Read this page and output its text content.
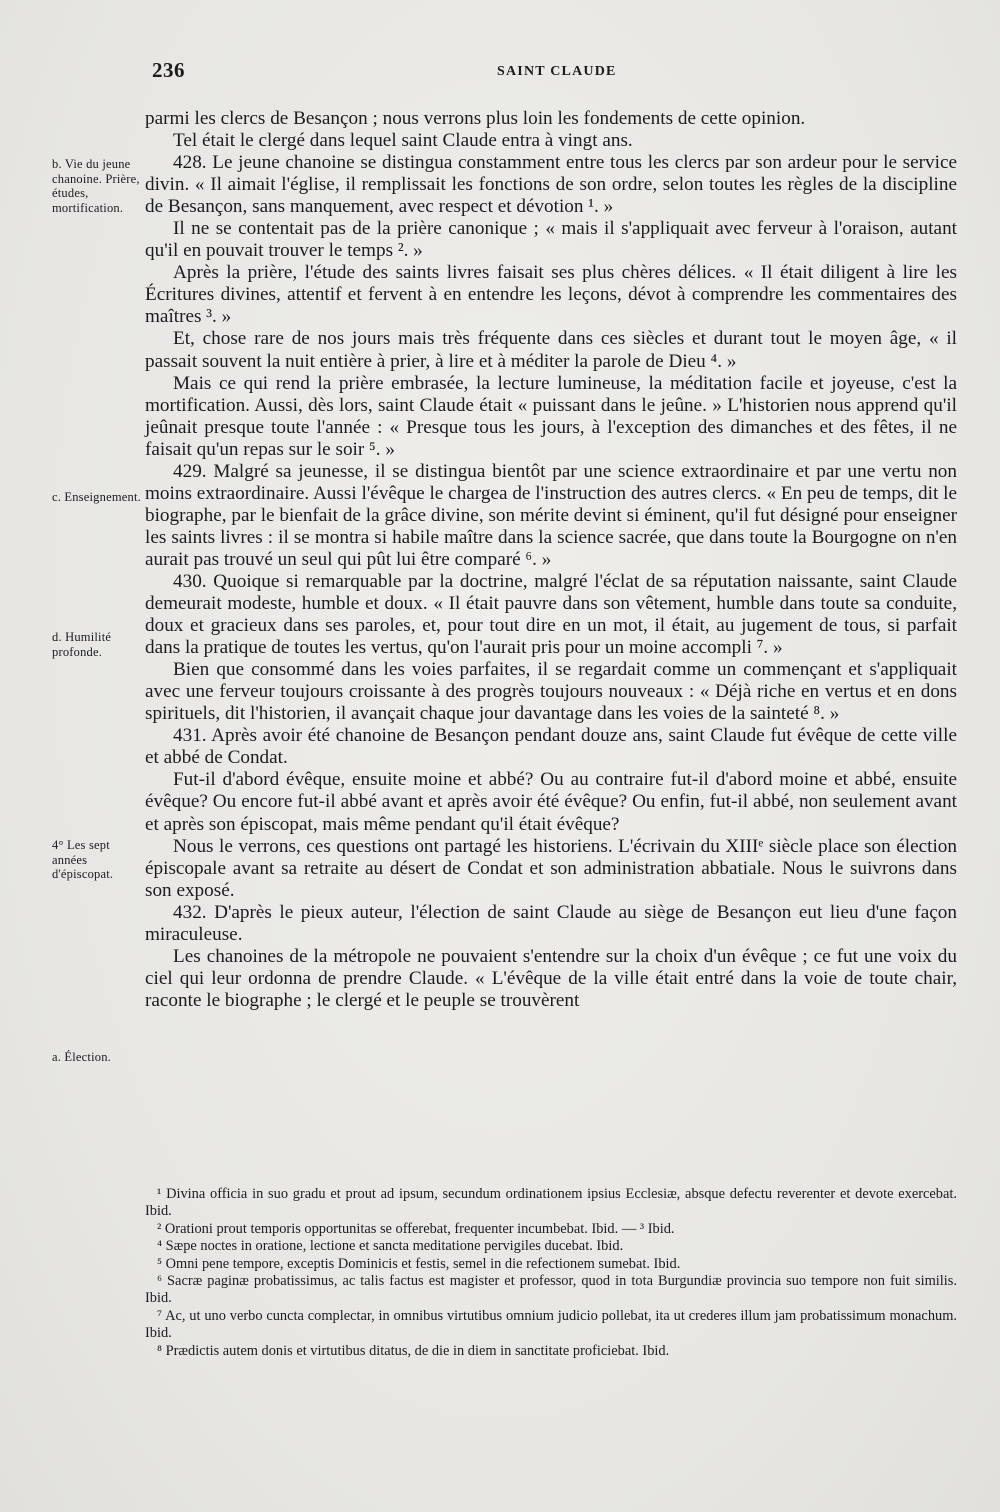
236	SAINT CLAUDE
b. Vie du jeune chanoine. Prière, études, mortification.
c. Enseignement.
d. Humilité profonde.
4° Les sept années d'épiscopat.
a. Élection.

parmi les clercs de Besançon ; nous verrons plus loin les fondements de cette opinion.

Tel était le clergé dans lequel saint Claude entra à vingt ans.

428. Le jeune chanoine se distingua constamment entre tous les clercs par son ardeur pour le service divin. « Il aimait l'église, il remplissait les fonctions de son ordre, selon toutes les règles de la discipline de Besançon, sans manquement, avec respect et dévotion ¹. »

Il ne se contentait pas de la prière canonique ; « mais il s'appliquait avec ferveur à l'oraison, autant qu'il en pouvait trouver le temps ². »

Après la prière, l'étude des saints livres faisait ses plus chères délices. « Il était diligent à lire les Écritures divines, attentif et fervent à en entendre les leçons, dévot à comprendre les commentaires des maîtres ³. »

Et, chose rare de nos jours mais très fréquente dans ces siècles et durant tout le moyen âge, « il passait souvent la nuit entière à prier, à lire et à méditer la parole de Dieu ⁴. »

Mais ce qui rend la prière embrasée, la lecture lumineuse, la méditation facile et joyeuse, c'est la mortification. Aussi, dès lors, saint Claude était « puissant dans le jeûne. » L'historien nous apprend qu'il jeûnait presque toute l'année : « Presque tous les jours, à l'exception des dimanches et des fêtes, il ne faisait qu'un repas sur le soir ⁵. »

429. Malgré sa jeunesse, il se distingua bientôt par une science extraordinaire et par une vertu non moins extraordinaire. Aussi l'évêque le chargea de l'instruction des autres clercs. « En peu de temps, dit le biographe, par le bienfait de la grâce divine, son mérite devint si éminent, qu'il fut désigné pour enseigner les saints livres : il se montra si habile maître dans la science sacrée, que dans toute la Bourgogne on n'en aurait pas trouvé un seul qui pût lui être comparé ⁶. »

430. Quoique si remarquable par la doctrine, malgré l'éclat de sa réputation naissante, saint Claude demeurait modeste, humble et doux. « Il était pauvre dans son vêtement, humble dans toute sa conduite, doux et gracieux dans ses paroles, et, pour tout dire en un mot, il était, au jugement de tous, si parfait dans la pratique de toutes les vertus, qu'on l'aurait pris pour un moine accompli ⁷. »

Bien que consommé dans les voies parfaites, il se regardait comme un commençant et s'appliquait avec une ferveur toujours croissante à des progrès toujours nouveaux : « Déjà riche en vertus et en dons spirituels, dit l'historien, il avançait chaque jour davantage dans les voies de la sainteté ⁸. »

431. Après avoir été chanoine de Besançon pendant douze ans, saint Claude fut évêque de cette ville et abbé de Condat.

Fut-il d'abord évêque, ensuite moine et abbé? Ou au contraire fut-il d'abord moine et abbé, ensuite évêque? Ou encore fut-il abbé avant et après avoir été évêque? Ou enfin, fut-il abbé, non seulement avant et après son épiscopat, mais même pendant qu'il était évêque?

Nous le verrons, ces questions ont partagé les historiens. L'écrivain du XIIIᵉ siècle place son élection épiscopale avant sa retraite au désert de Condat et son administration abbatiale. Nous le suivrons dans son exposé.

432. D'après le pieux auteur, l'élection de saint Claude au siège de Besançon eut lieu d'une façon miraculeuse.

Les chanoines de la métropole ne pouvaient s'entendre sur la choix d'un évêque ; ce fut une voix du ciel qui leur ordonna de prendre Claude. « L'évêque de la ville était entré dans la voie de toute chair, raconte le biographe ; le clergé et le peuple se trouvèrent

¹ Divina officia in suo gradu et prout ad ipsum, secundum ordinationem ipsius Ecclesiæ, absque defectu reverenter et devote exercebat. Ibid.

² Orationi prout temporis opportunitas se offerebat, frequenter incumbebat. Ibid. — ³ Ibid.

⁴ Sæpe noctes in oratione, lectione et sancta meditatione pervigiles ducebat. Ibid.

⁵ Omni pene tempore, exceptis Dominicis et festis, semel in die refectionem sumebat. Ibid.

⁶ Sacræ paginæ probatissimus, ac talis factus est magister et professor, quod in tota Burgundiæ provincia suo tempore non fuit similis. Ibid.

⁷ Ac, ut uno verbo cuncta complectar, in omnibus virtutibus omnium judicio pollebat, ita ut crederes illum jam probatissimum monachum. Ibid.

⁸ Prædictis autem donis et virtutibus ditatus, de die in diem in sanctitate proficiebat. Ibid.
